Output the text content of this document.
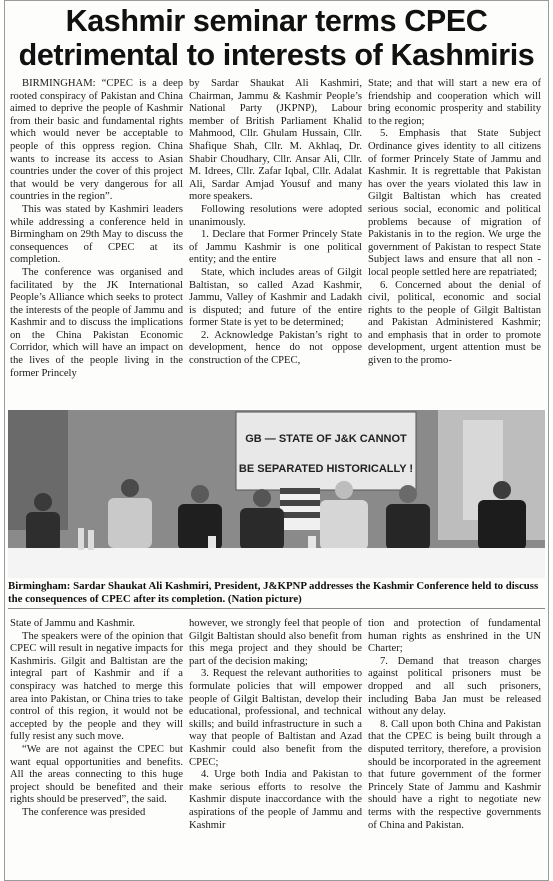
Kashmir seminar terms CPEC
detrimental to interests of Kashmiris

BIRMINGHAM: “CPEC is a deep rooted conspiracy of Pakistan and China aimed to deprive the people of Kashmir from their basic and fundamental rights which would never be acceptable to people of this oppress region. China wants to increase its access to Asian countries under the cover of this project that would be very dangerous for all countries in the region”.

This was stated by Kashmiri leaders while addressing a conference held in Birmingham on 29th May to discuss the consequences of CPEC at its completion.

The conference was organised and facilitated by the JK International People’s Alliance which seeks to protect the interests of the people of Jammu and Kashmir and to discuss the implications on the China Pakistan Economic Corridor, which will have an impact on the lives of the people living in the former Princely

by Sardar Shaukat Ali Kashmiri, Chairman, Jammu & Kashmir People’s National Party (JKPNP), Labour member of British Parliament Khalid Mahmood, Cllr. Ghulam Hussain, Cllr. Shafique Shah, Cllr. M. Akhlaq, Dr. Shabir Choudhary, Cllr. Ansar Ali, Cllr. M. Idrees, Cllr. Zafar Iqbal, Cllr. Adalat Ali, Sardar Amjad Yousuf and many more speakers.

Following resolutions were adopted unanimously.

1. Declare that Former Princely State of Jammu Kashmir is one political entity; and the entire

State, which includes areas of Gilgit Baltistan, so called Azad Kashmir, Jammu, Valley of Kashmir and Ladakh is disputed; and future of the entire former State is yet to be determined;

2. Acknowledge Pakistan’s right to development, hence do not oppose construction of the CPEC,

State; and that will start a new era of friendship and cooperation which will bring economic prosperity and stability to the region;

5. Emphasis that State Subject Ordinance gives identity to all citizens of former Princely State of Jammu and Kashmir. It is regrettable that Pakistan has over the years violated this law in Gilgit Baltistan which has created serious social, economic and political problems because of migration of Pakistanis in to the region. We urge the government of Pakistan to respect State Subject laws and ensure that all non - local people settled here are repatriated;

6. Concerned about the denial of civil, political, economic and social rights to the people of Gilgit Baltistan and Pakistan Administered Kashmir; and emphasis that in order to promote development, urgent attention must be given to the promo-

GB — STATE OF J&K CANNOT
BE SEPARATED HISTORICALLY !
Birmingham: Sardar Shaukat Ali Kashmiri, President, J&KPNP addresses the Kashmir Conference held to discuss the consequences of CPEC after its completion. (Nation picture)

State of Jammu and Kashmir.

The speakers were of the opinion that CPEC will result in negative impacts for Kashmiris. Gilgit and Baltistan are the integral part of Kashmir and if a conspiracy was hatched to merge this area into Pakistan, or China tries to take control of this region, it would not be accepted by the people and they will fully resist any such move.

“We are not against the CPEC but want equal opportunities and benefits. All the areas connecting to this huge project should be benefited and their rights should be preserved”, the said.

The conference was presided

however, we strongly feel that people of Gilgit Baltistan should also benefit from this mega project and they should be part of the decision making;

3. Request the relevant authorities to formulate policies that will empower people of Gilgit Baltistan, develop their educational, professional, and technical skills; and build infrastructure in such a way that people of Baltistan and Azad Kashmir could also benefit from the CPEC;

4. Urge both India and Pakistan to make serious efforts to resolve the Kashmir dispute inaccordance with the aspirations of the people of Jammu and Kashmir

tion and protection of fundamental human rights as enshrined in the UN Charter;

7. Demand that treason charges against political prisoners must be dropped and all such prisoners, including Baba Jan must be released without any delay.

8. Call upon both China and Pakistan that the CPEC is being built through a disputed territory, therefore, a provision should be incorporated in the agreement that future government of the former Princely State of Jammu and Kashmir should have a right to negotiate new terms with the respective governments of China and Pakistan.
